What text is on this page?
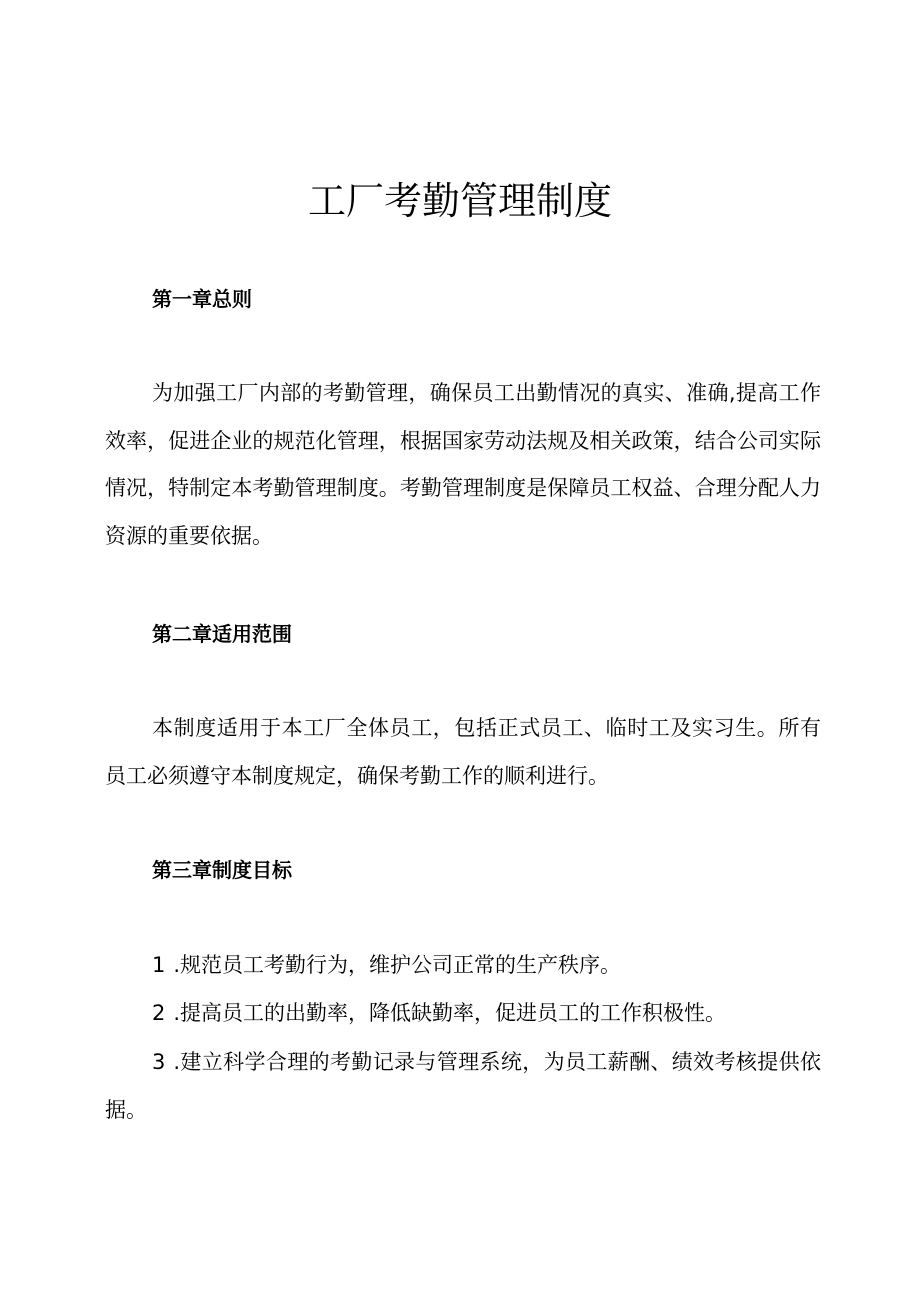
工厂考勤管理制度
第一章总则

为加强工厂内部的考勤管理，确保员工出勤情况的真实、准确,提高工作效率，促进企业的规范化管理，根据国家劳动法规及相关政策，结合公司实际情况，特制定本考勤管理制度。考勤管理制度是保障员工权益、合理分配人力资源的重要依据。

第二章适用范围

本制度适用于本工厂全体员工，包括正式员工、临时工及实习生。所有员工必须遵守本制度规定，确保考勤工作的顺利进行。

第三章制度目标

1 .规范员工考勤行为，维护公司正常的生产秩序。

2 .提高员工的出勤率，降低缺勤率，促进员工的工作积极性。

3 .建立科学合理的考勤记录与管理系统，为员工薪酬、绩效考核提供依据。
